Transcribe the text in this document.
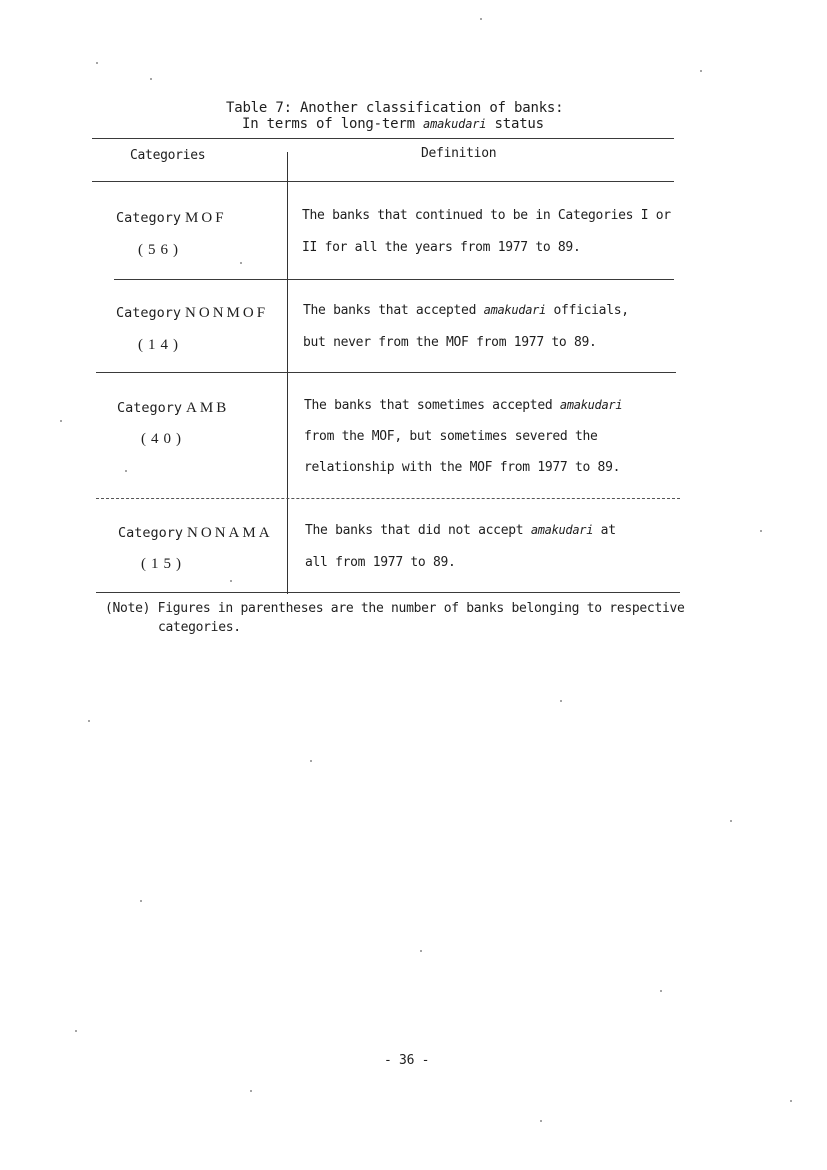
Table 7: Another classification of banks:
In terms of long-term amakudari status
Categories	Definition
Category MOF
(56)
The banks that continued to be in Categories I or
II for all the years from 1977 to 89.
Category NONMOF
(14)
The banks that accepted amakudari officials,
but never from the MOF from 1977 to 89.
Category AMB
(40)
The banks that sometimes accepted amakudari
from the MOF, but sometimes severed the
relationship with the MOF from 1977 to 89.
Category NONAMA
(15)
The banks that did not accept amakudari at
all from 1977 to 89.
(Note) Figures in parentheses are the number of banks belonging to respective
categories.
- 36 -
